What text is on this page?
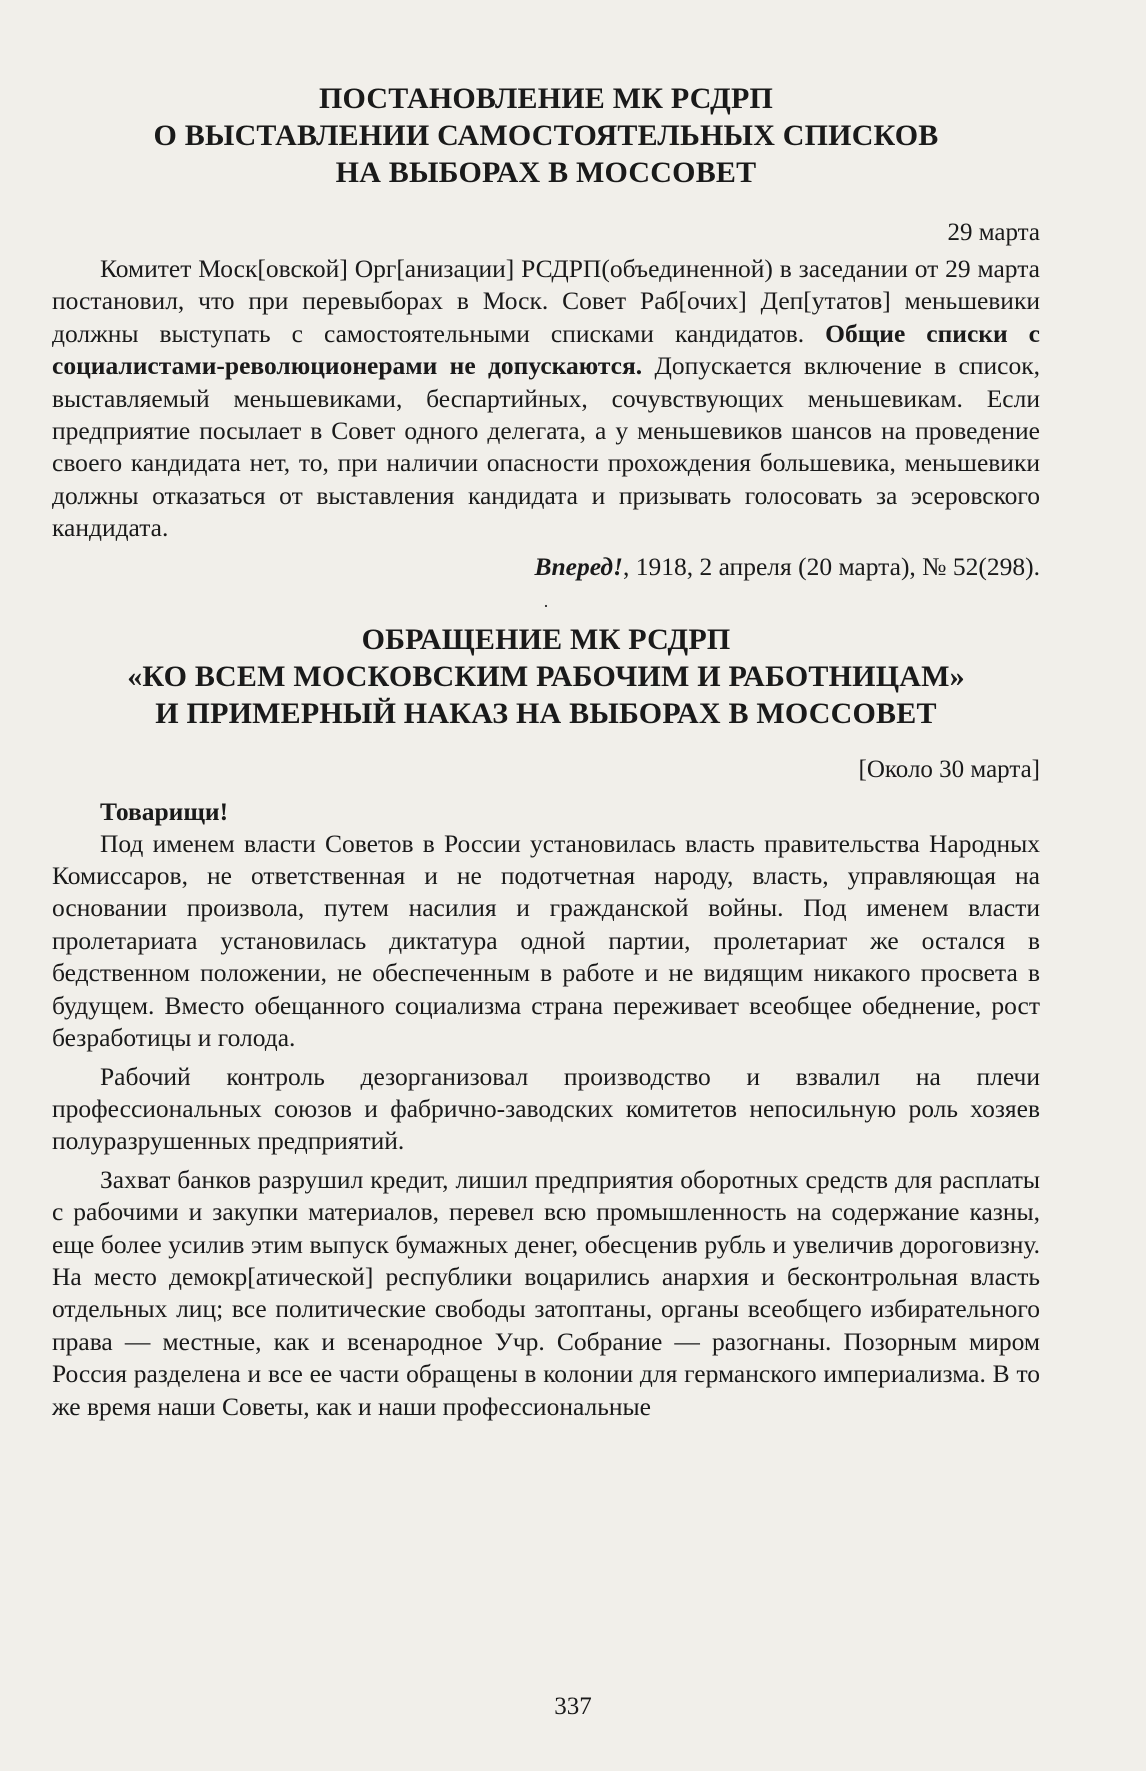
ПОСТАНОВЛЕНИЕ МК РСДРП
О ВЫСТАВЛЕНИИ САМОСТОЯТЕЛЬНЫХ СПИСКОВ
НА ВЫБОРАХ В МОССОВЕТ

29 марта

Комитет Моск[овской] Орг[анизации] РСДРП(объединенной) в заседании от 29 марта постановил, что при перевыборах в Моск. Совет Раб[очих] Деп[утатов] меньшевики должны выступать с самостоятельными списками кандидатов. Общие списки с социалистами-революционерами не допускаются. Допускается включение в список, выставляемый меньшевиками, беспартийных, сочувствующих меньшевикам. Если предприятие посылает в Совет одного делегата, а у меньшевиков шансов на проведение своего кандидата нет, то, при наличии опасности прохождения большевика, меньшевики должны отказаться от выставления кандидата и призывать голосовать за эсеровского кандидата.

Вперед!, 1918, 2 апреля (20 марта), № 52(298).

·

ОБРАЩЕНИЕ МК РСДРП
«КО ВСЕМ МОСКОВСКИМ РАБОЧИМ И РАБОТНИЦАМ»
И ПРИМЕРНЫЙ НАКАЗ НА ВЫБОРАХ В МОССОВЕТ

[Около 30 марта]

Товарищи!

Под именем власти Советов в России установилась власть правительства Народных Комиссаров, не ответственная и не подотчетная народу, власть, управляющая на основании произвола, путем насилия и гражданской войны. Под именем власти пролетариата установилась диктатура одной партии, пролетариат же остался в бедственном положении, не обеспеченным в работе и не видящим никакого просвета в будущем. Вместо обещанного социализма страна переживает всеобщее обеднение, рост безработицы и голода.

Рабочий контроль дезорганизовал производство и взвалил на плечи профессиональных союзов и фабрично-заводских комитетов непосильную роль хозяев полуразрушенных предприятий.

Захват банков разрушил кредит, лишил предприятия оборотных средств для расплаты с рабочими и закупки материалов, перевел всю промышленность на содержание казны, еще более усилив этим выпуск бумажных денег, обесценив рубль и увеличив дороговизну. На место демокр[атической] республики воцарились анархия и бесконтрольная власть отдельных лиц; все политические свободы затоптаны, органы всеобщего избирательного права — местные, как и всенародное Учр. Собрание — разогнаны. Позорным миром Россия разделена и все ее части обращены в колонии для германского империализма. В то же время наши Советы, как и наши профессиональные

337
